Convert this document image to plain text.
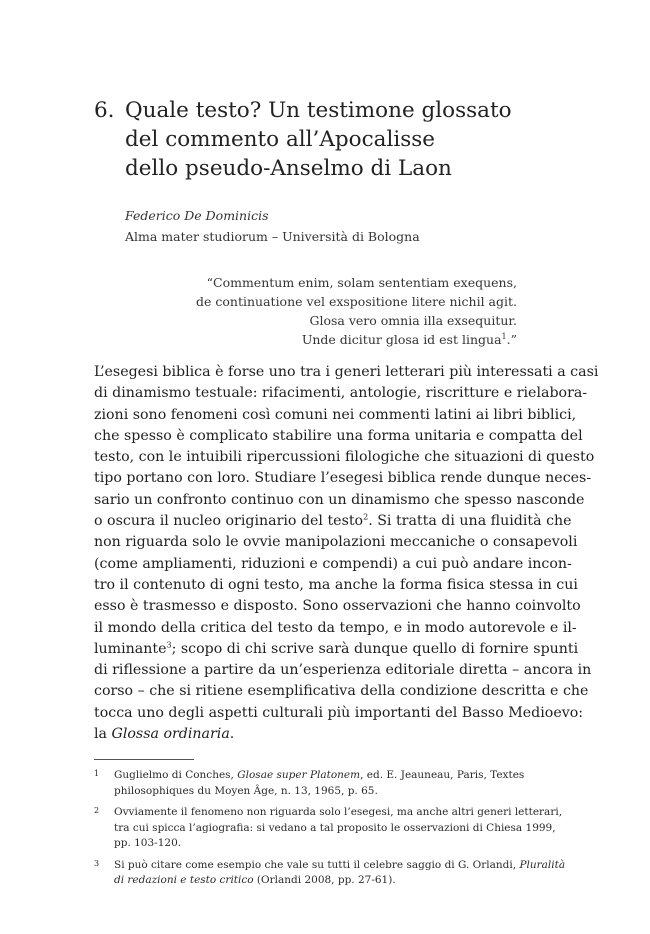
6. Quale testo? Un testimone glossato
del commento all’Apocalisse
dello pseudo-Anselmo di Laon
Federico De Dominicis
Alma mater studiorum – Università di Bologna
“Commentum enim, solam sententiam exequens,
de continuatione vel exspositione litere nichil agit.
Glosa vero omnia illa exsequitur.
Unde dicitur glosa id est lingua$^1$.”
L’esegesi biblica è forse uno tra i generi letterari più interessati a casi
di dinamismo testuale: rifacimenti, antologie, riscritture e rielabora-
zioni sono fenomeni così comuni nei commenti latini ai libri biblici,
che spesso è complicato stabilire una forma unitaria e compatta del
testo, con le intuibili ripercussioni filologiche che situazioni di questo
tipo portano con loro. Studiare l’esegesi biblica rende dunque neces-
sario un confronto continuo con un dinamismo che spesso nasconde
o oscura il nucleo originario del testo$^2$. Si tratta di una fluidità che
non riguarda solo le ovvie manipolazioni meccaniche o consapevoli
(come ampliamenti, riduzioni e compendi) a cui può andare incon-
tro il contenuto di ogni testo, ma anche la forma fisica stessa in cui
esso è trasmesso e disposto. Sono osservazioni che hanno coinvolto
il mondo della critica del testo da tempo, e in modo autorevole e il-
luminante$^3$; scopo di chi scrive sarà dunque quello di fornire spunti
di riflessione a partire da un’esperienza editoriale diretta – ancora in
corso – che si ritiene esemplificativa della condizione descritta e che
tocca uno degli aspetti culturali più importanti del Basso Medioevo:
la Glossa ordinaria.
1 Guglielmo di Conches, Glosae super Platonem, ed. E. Jeauneau, Paris, Textes
philosophiques du Moyen Âge, n. 13, 1965, p. 65.
2 Ovviamente il fenomeno non riguarda solo l’esegesi, ma anche altri generi letterari,
tra cui spicca l’agiografia: si vedano a tal proposito le osservazioni di Chiesa 1999,
pp. 103-120.
3 Si può citare come esempio che vale su tutti il celebre saggio di G. Orlandi, Pluralità
di redazioni e testo critico (Orlandi 2008, pp. 27-61).
